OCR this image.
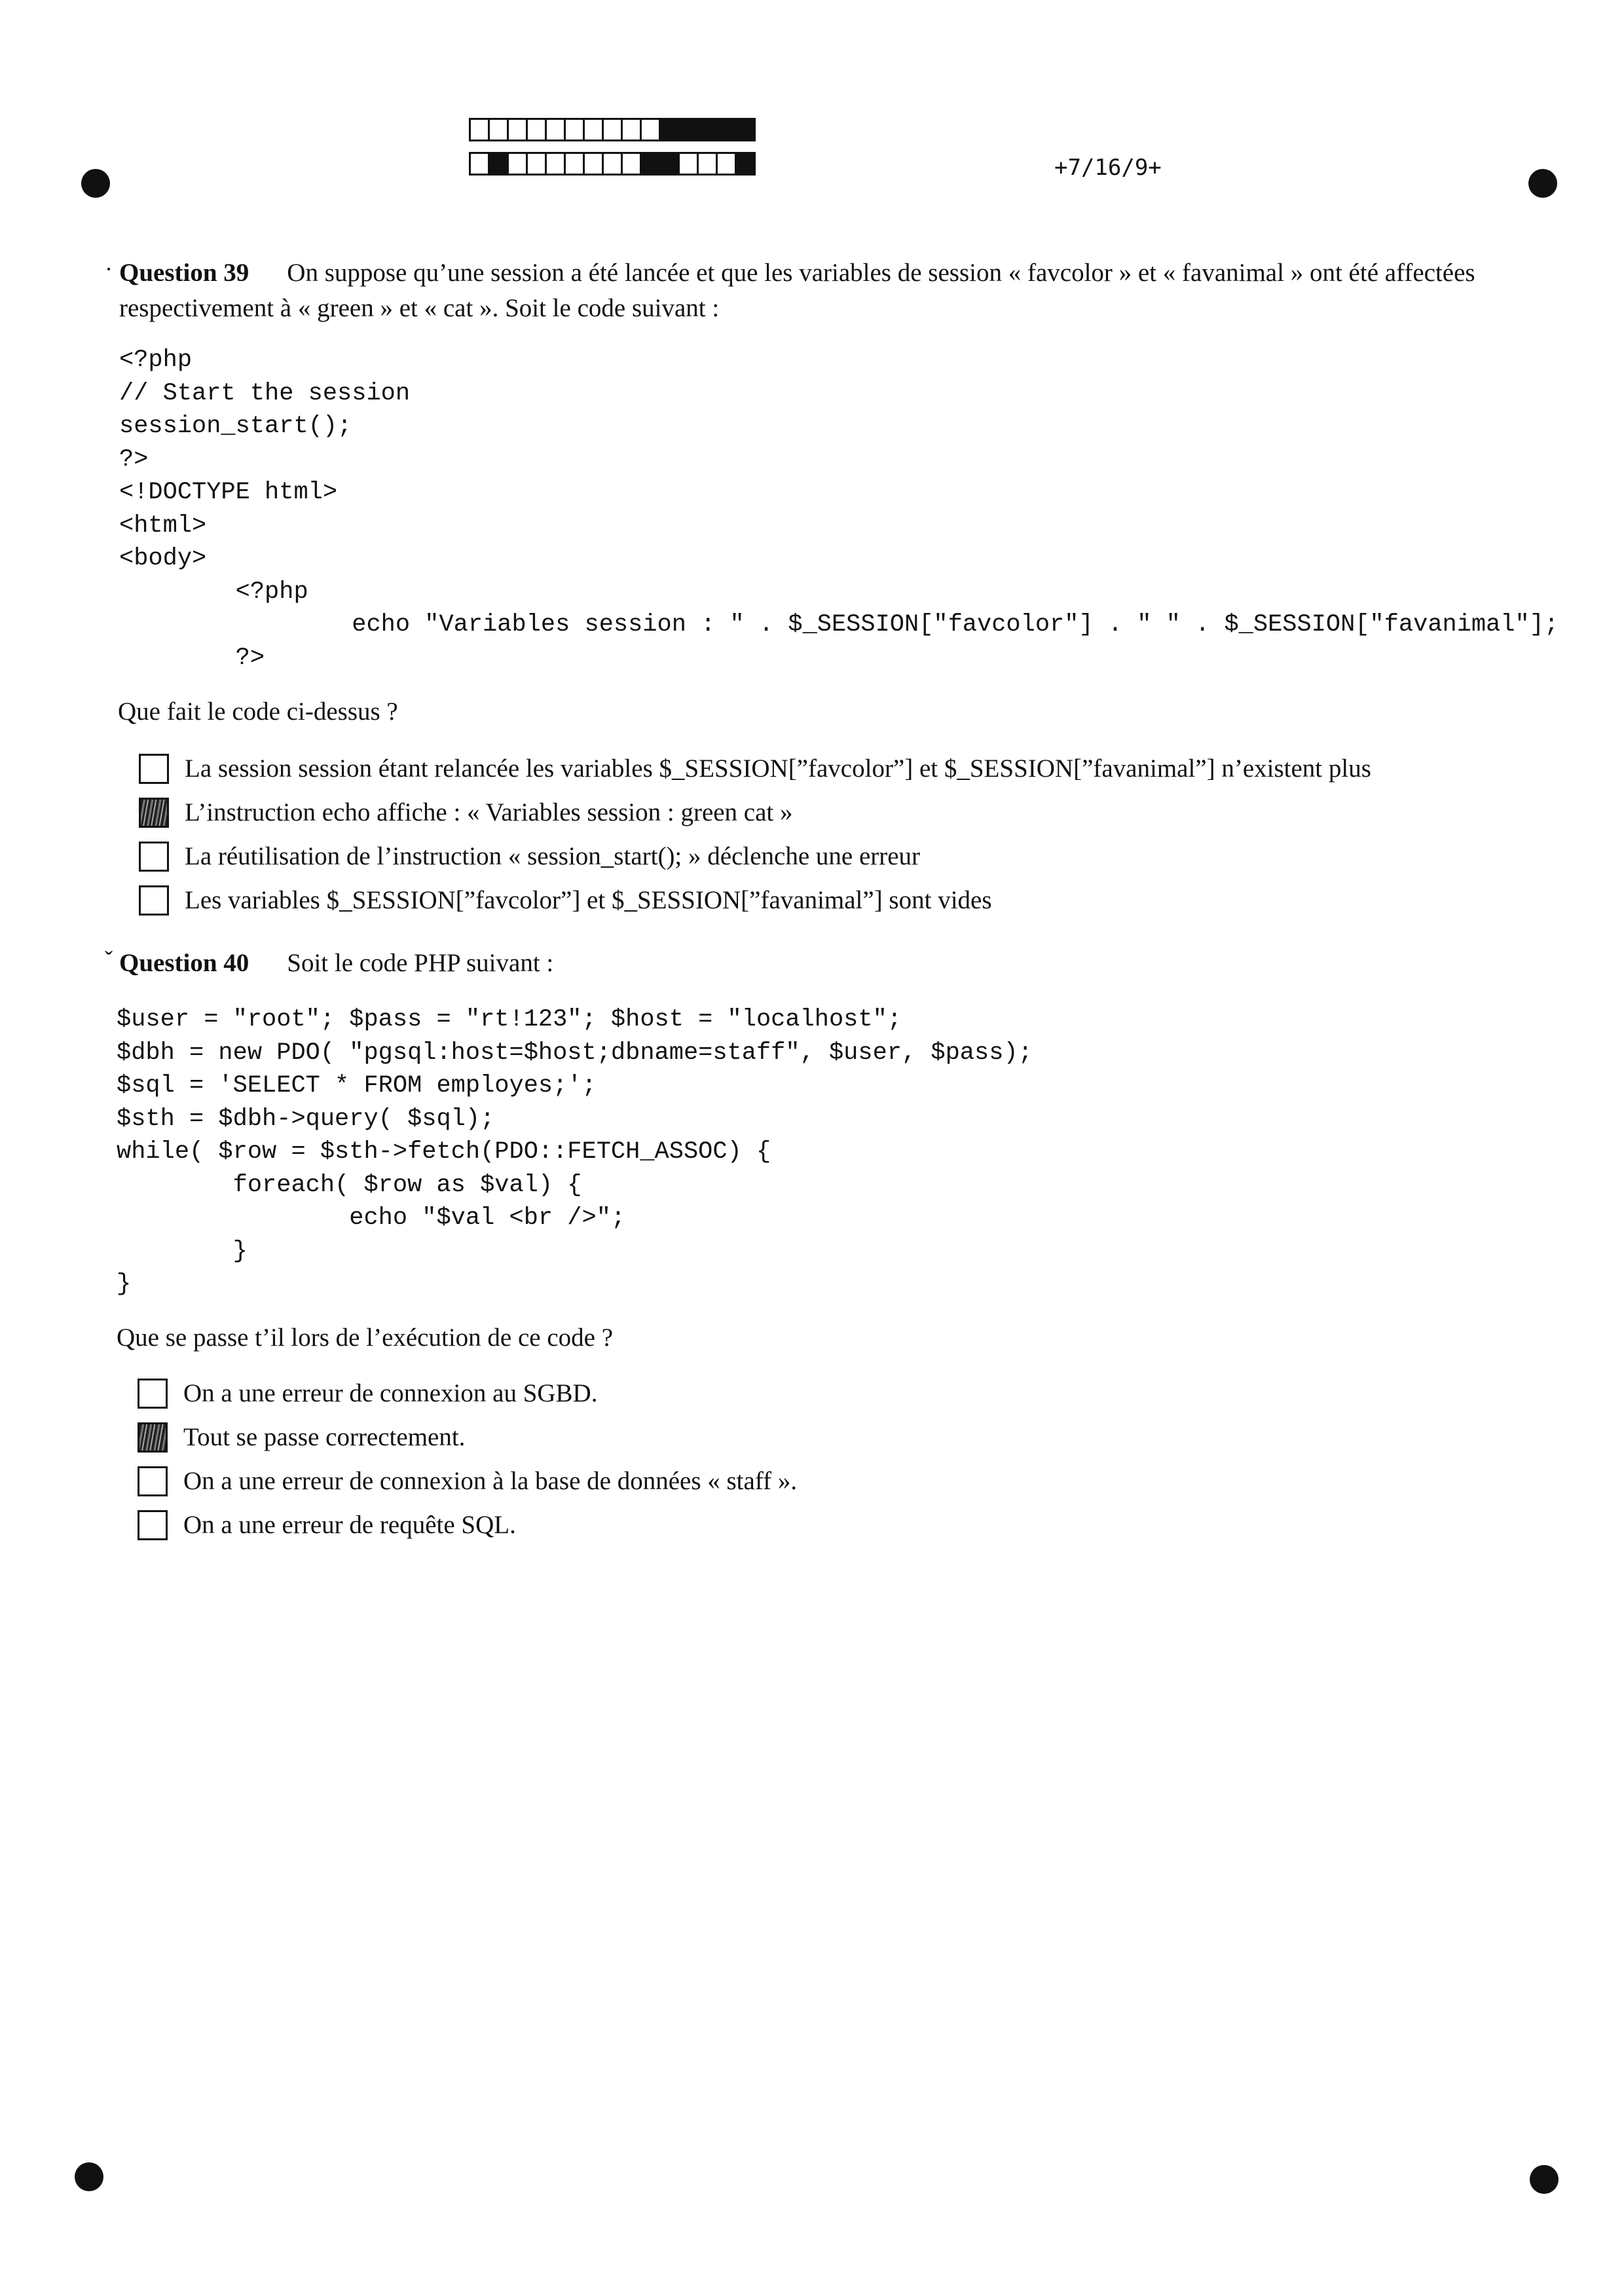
+7/16/9+
· Question 39 On suppose qu’une session a été lancée et que les variables de session « favcolor » et « favanimal » ont été affectées respectivement à « green » et « cat ». Soit le code suivant :
<?php
// Start the session
session_start();
?>
<!DOCTYPE html>
<html>
<body>
<?php
echo "Variables session : " . $_SESSION["favcolor"] . " " . $_SESSION["favanimal"];
?>
Que fait le code ci-dessus ?
La session session étant relancée les variables $_SESSION[”favcolor”] et $_SESSION[”favanimal”] n’existent plus
L’instruction echo affiche : « Variables session : green cat »
La réutilisation de l’instruction « session_start(); » déclenche une erreur
Les variables $_SESSION[”favcolor”] et $_SESSION[”favanimal”] sont vides
ˇ Question 40 Soit le code PHP suivant :
$user = "root"; $pass = "rt!123"; $host = "localhost";
$dbh = new PDO( "pgsql:host=$host;dbname=staff", $user, $pass);
$sql = 'SELECT * FROM employes;';
$sth = $dbh->query( $sql);
while( $row = $sth->fetch(PDO::FETCH_ASSOC) {
foreach( $row as $val) {
echo "$val <br />";
}
}
Que se passe t’il lors de l’exécution de ce code ?
On a une erreur de connexion au SGBD.
Tout se passe correctement.
On a une erreur de connexion à la base de données « staff ».
On a une erreur de requête SQL.
